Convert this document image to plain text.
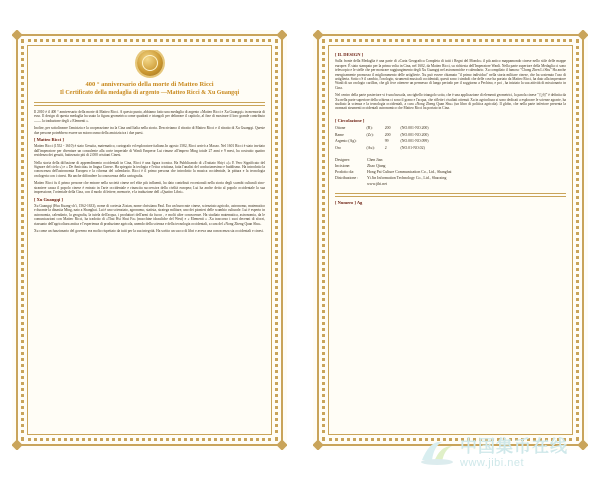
400 ° anniversario della morte di Matteo Ricci
Il Certificato della medaglia di argento —Matteo Ricci & Xu Guangqi

Il 2010 è il 400 ° anniversario della morte di Matteo Ricci. A questo punto, abbiamo fatto una medaglia di argento «Matteo Ricci e Xu Guangqi» in memoria di esso. Il design di questa medaglia ha usato la figura geometrica come quadrati e triangoli per delineare il capitolo, al fine di mostrare il loro grande contributo —— la traduzione degli « Elementi ».

Inoltre, per sottolineare l'amicizia e la cooperazione tra la Cina und Italia nella storia. Descriviamo il ritratto di Matteo Ricci e il ritratto di Xu Guangqi. Queste due persone potrebbero essere un microcosmo della amicizia tra i due paesi.

[ Matteo Ricci ]

Matteo Ricci (1552 - 1610) è stato Gesuita, matematico, cartografo ed esploratore italiano.In agosto 1582, Ricci arrivò a Macao. Nel 1601 Ricci è stato invitato dall'imperatore per diventare un consulente alla corte imperiale di Wanli Emperor Lui rimase all'impero Ming totale 27 anni e 9 mesi, ha costruito quattro residenza dei gesuiti, battezzato più di 2.000 cristiani Cinesi.

Nella storia della diffusione di apprendimento occidentali in Cina, Ricci è una figura iconica. Ha Pubblicando di «Trattato Shiyi »(« E Vero Significato del Signore del cielo ») e « De Amicitia» in lingua Cinese. Ha spiegato la teologia e l'etica cristiana, fatta l'analisi del confucianesimo e buddismo. Ha introdotto la conoscenza dell'astronomia Europea e la riforma del calendario. Ricci è il primo persona che introdotto la musica occidentale, la pittura e la tecnologia orologeria con i cinesi. Ha anche diffondere la conoscenza della cartografia.

Matteo Ricci fu il primo persone che entrare nella società cinese nel elite più influenti, ha dato contributi eccezionali nella storia degli scambi culturali sino-straniere causa il popolo cinese è entrato in l'arte occidentale e rinascita successiva della civiltà europea; Lui ha anche detto al popolo occidentale la sua impressione, l'orientale della Cina, con il modo di lettere, memorie, e la traduzione dell «Quattro Libri».

[ Xu Guangqi ]

Xu Guangqi (Hsu Kuang-ch'i, 1562-1633), nome di cortesia Zixian, nome christiana Paul. Era un burocrate cinese, scienziato agricolo, astronomo, matematico e durante la dinastia Ming, nato a Shanghai. Lui è uno scienziato, agronomo, statista, stratega militare, uno dei pionieri delle scambio culturale. Lui è esperto in astronomia, calendario, la geografia, la tutela dell'acqua, i produttori dell'armi da fuoco , e molti altre conoscenze. Ha studiato matematica, astronomia, da le comunicazioni con Matteo Ricci, ha tradotto di «Thai Hsi Shui Fa» (macchine idrauliche del West) e « Elementi » .Xu trascorso i suoi decenni di sforzi, riassunto dell'agricoltura antica e l'esperienza di produzione agricola, unendo della scienza e della tecnologia occidentali, a cura del «Nong Zheng Quan Shu».

Xu come un funzionario del governo era molto rispettato da tutti per la sua integrità. Ha scritto un sacco di libri e aveva una conoscenza sia occidentali e cinesi.

[ IL DESIGN ]

Sulla fronte della Medaglia è una parte di «Carta Geografica Completa di tutti i Regni del Mondo» il più antico mappamondo cinese nello stile delle mappe europee. È stato stampato per la prima volta in Cina, nel 1602, da Matteo Ricci, su richiesta dell'Imperatore Wanli. Nella parte superiore della Medaglia ci sono telescopio e le stelle che per mostrare raggiungimento degli Xu Guangqi nel astronomiche e calendario. Xu compilato il famoso "Chong Zhen Li Shu" Ha anche energicamente promosso il miglioramento delle artiglierie. Xu può essere chiamato "il primo individuo" nella storia militare cinese, che ha sostenuto l'uso di artiglieria. Sotto c'è il cambio, l'orologio, strumenti musicali occidentali, questi sono i simboli che delle cose ha portato da Matteo Ricci, ha dato alla imperatore Wanli di un orologio carillon, che gli fece ottenere un permesso di lungo periodo per il soggiorno a Pechino, e poi , ha iniziato la sua attività di missionario in Cina.

Nel centro della parte posteriore vi è una bussola, un righello triangolo sotto, che è una applicazione di elementi geometrici, la parola cinese "几何" è definita da Xu nella parte superiore della schiena ci sono il grano e l'acqua, che riflette i risultati ottenuti Xu in agricoltura si sono dedicati a esplorare le scienze agrarie, ha studiato la scienza e la tecnologia occidentali, a cura «Nong Zheng Quan Shu» (un libro di politica agricola). Il globo, che nella parte inferiore presenta la avanzati strumenti occidentali astronomico che Matteo Ricci ha portato in Cina.

[ Circolazione ]
Ottone	(B):	200	(NO.001-NO.200)
Rame	(Zr):	200	(NO.001-NO.200)
Argento (Ag):		99	(NO.001-NO.099)
Oro	(Au):	2	(NO.01-NO.02)
Designer:	Chen Jian
Incisione:	Zhao Qiang
Prodotto da:	Hong Pai Culture Communication Co., Ltd., Shanghai
Distribuzione : Yi Jin Information Technology Co., Ltd., Shaoxing
www.jibi.net
[ Numero ] Ag
中国集币在线
www.jibi.net
